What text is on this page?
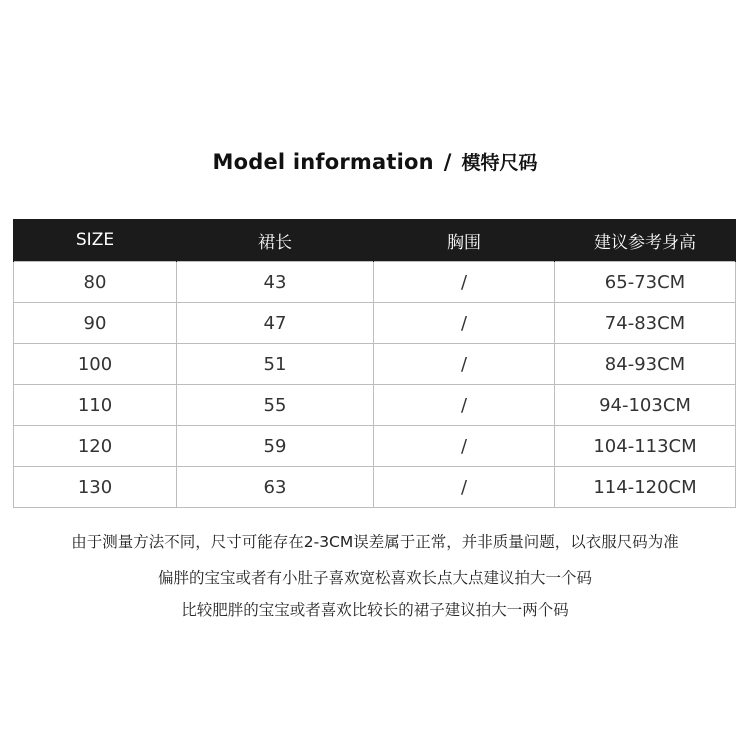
Model information / 模特尺码
SIZE	裙长	胸围	建议参考身高
80	43	/	65-73CM
90	47	/	74-83CM
100	51	/	84-93CM
110	55	/	94-103CM
120	59	/	104-113CM
130	63	/	114-120CM
由于测量方法不同，尺寸可能存在2-3CM误差属于正常，并非质量问题，以衣服尺码为准
偏胖的宝宝或者有小肚子喜欢宽松喜欢长点大点建议拍大一个码
比较肥胖的宝宝或者喜欢比较长的裙子建议拍大一两个码
